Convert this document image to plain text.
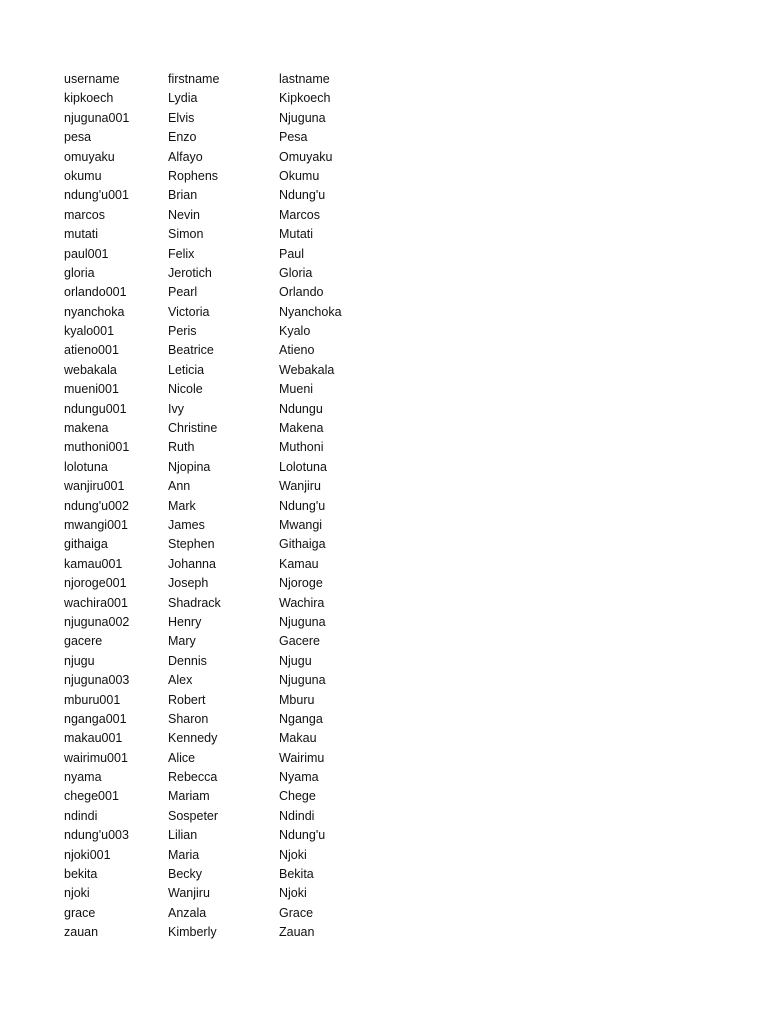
username	firstname	lastname
kipkoech	Lydia	Kipkoech
njuguna001	Elvis	Njuguna
pesa	Enzo	Pesa
omuyaku	Alfayo	Omuyaku
okumu	Rophens	Okumu
ndung'u001	Brian	Ndung'u
marcos	Nevin	Marcos
mutati	Simon	Mutati
paul001	Felix	Paul
gloria	Jerotich	Gloria
orlando001	Pearl	Orlando
nyanchoka	Victoria	Nyanchoka
kyalo001	Peris	Kyalo
atieno001	Beatrice	Atieno
webakala	Leticia	Webakala
mueni001	Nicole	Mueni
ndungu001	Ivy	Ndungu
makena	Christine	Makena
muthoni001	Ruth	Muthoni
lolotuna	Njopina	Lolotuna
wanjiru001	Ann	Wanjiru
ndung'u002	Mark	Ndung'u
mwangi001	James	Mwangi
githaiga	Stephen	Githaiga
kamau001	Johanna	Kamau
njoroge001	Joseph	Njoroge
wachira001	Shadrack	Wachira
njuguna002	Henry	Njuguna
gacere	Mary	Gacere
njugu	Dennis	Njugu
njuguna003	Alex	Njuguna
mburu001	Robert	Mburu
nganga001	Sharon	Nganga
makau001	Kennedy	Makau
wairimu001	Alice	Wairimu
nyama	Rebecca	Nyama
chege001	Mariam	Chege
ndindi	Sospeter	Ndindi
ndung'u003	Lilian	Ndung'u
njoki001	Maria	Njoki
bekita	Becky	Bekita
njoki	Wanjiru	Njoki
grace	Anzala	Grace
zauan	Kimberly	Zauan
